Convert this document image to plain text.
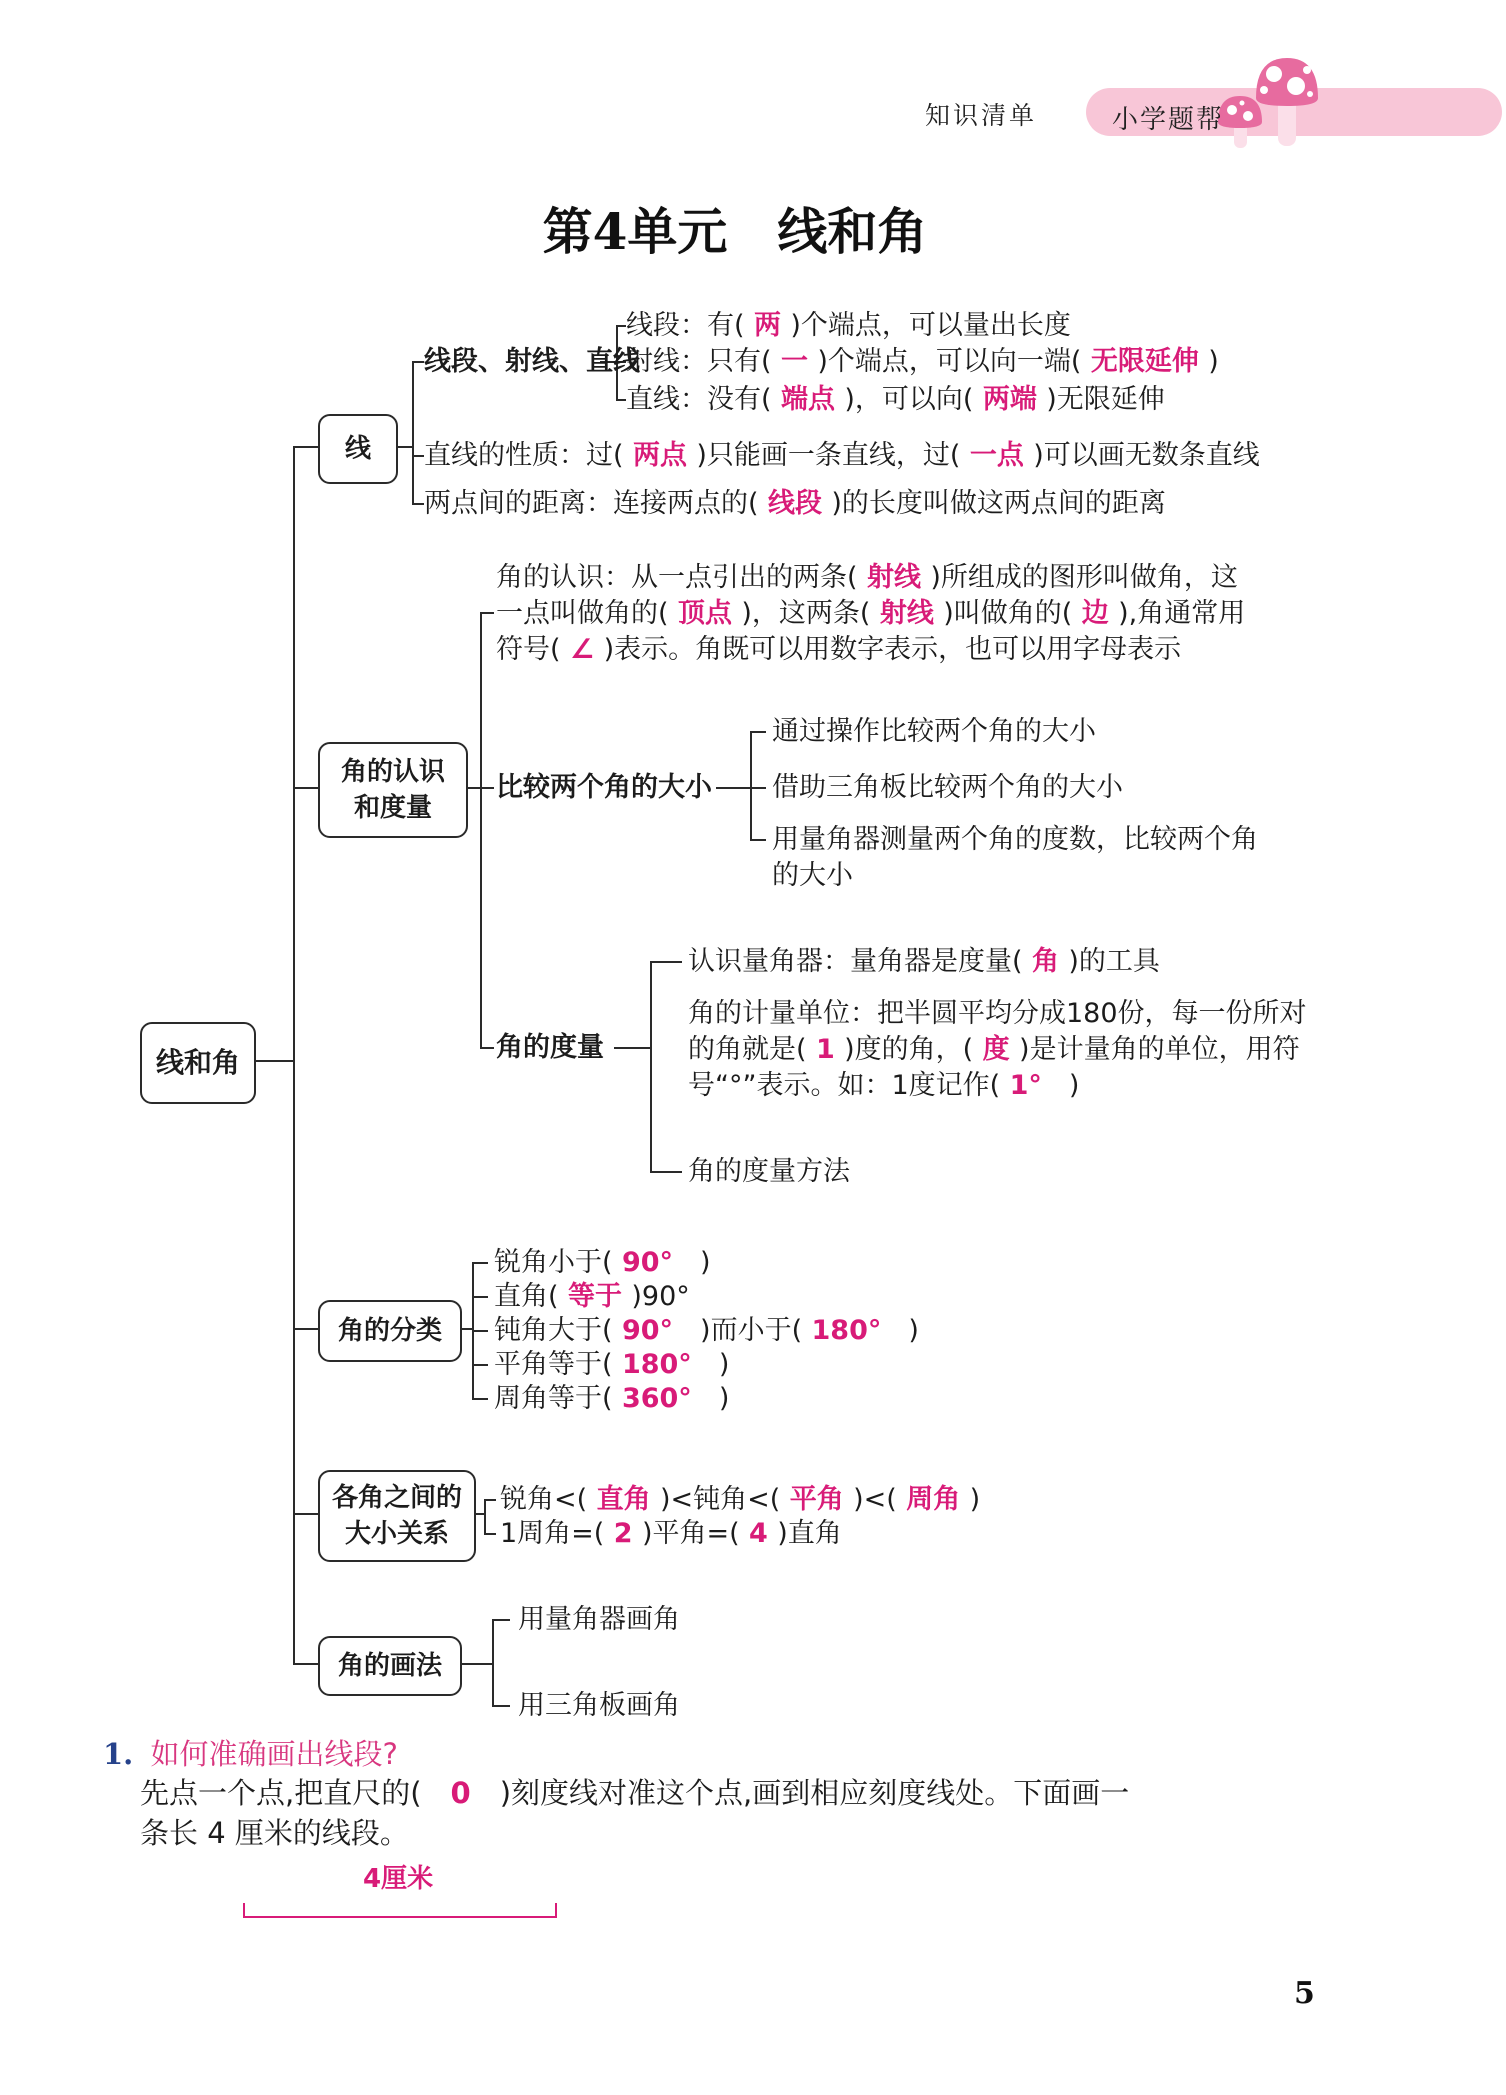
知识清单	小学题帮
第4单元　线和角
线和角
线
角的认识
和度量
角的分类
各角之间的
大小关系
角的画法
线段、射线、直线
线段：有( 两 )个端点，可以量出长度
射线：只有( 一 )个端点，可以向一端( 无限延伸 )
直线：没有( 端点 )，可以向( 两端 )无限延伸
直线的性质：过( 两点 )只能画一条直线，过( 一点 )可以画无数条直线
两点间的距离：连接两点的( 线段 )的长度叫做这两点间的距离
角的认识：从一点引出的两条( 射线 )所组成的图形叫做角，这
一点叫做角的( 顶点 )，这两条( 射线 )叫做角的( 边 ),角通常用
符号( ∠ )表示。角既可以用数字表示，也可以用字母表示
比较两个角的大小
通过操作比较两个角的大小
借助三角板比较两个角的大小
用量角器测量两个角的度数，比较两个角
的大小
角的度量
认识量角器：量角器是度量( 角 )的工具
角的计量单位：把半圆平均分成180份，每一份所对
的角就是( 1 )度的角，( 度 )是计量角的单位，用符
号“°”表示。如：1度记作( 1°　)
角的度量方法
锐角小于( 90°　)
直角( 等于 )90°
钝角大于( 90°　)而小于( 180°　)
平角等于( 180°　)
周角等于( 360°　)
锐角<( 直角 )<钝角<( 平角 )<( 周角 )
1周角=( 2 )平角=( 4 )直角
用量角器画角
用三角板画角
1. 如何准确画出线段?
先点一个点,把直尺的(　0　)刻度线对准这个点,画到相应刻度线处。下面画一
条长 4 厘米的线段。
4厘米
5
